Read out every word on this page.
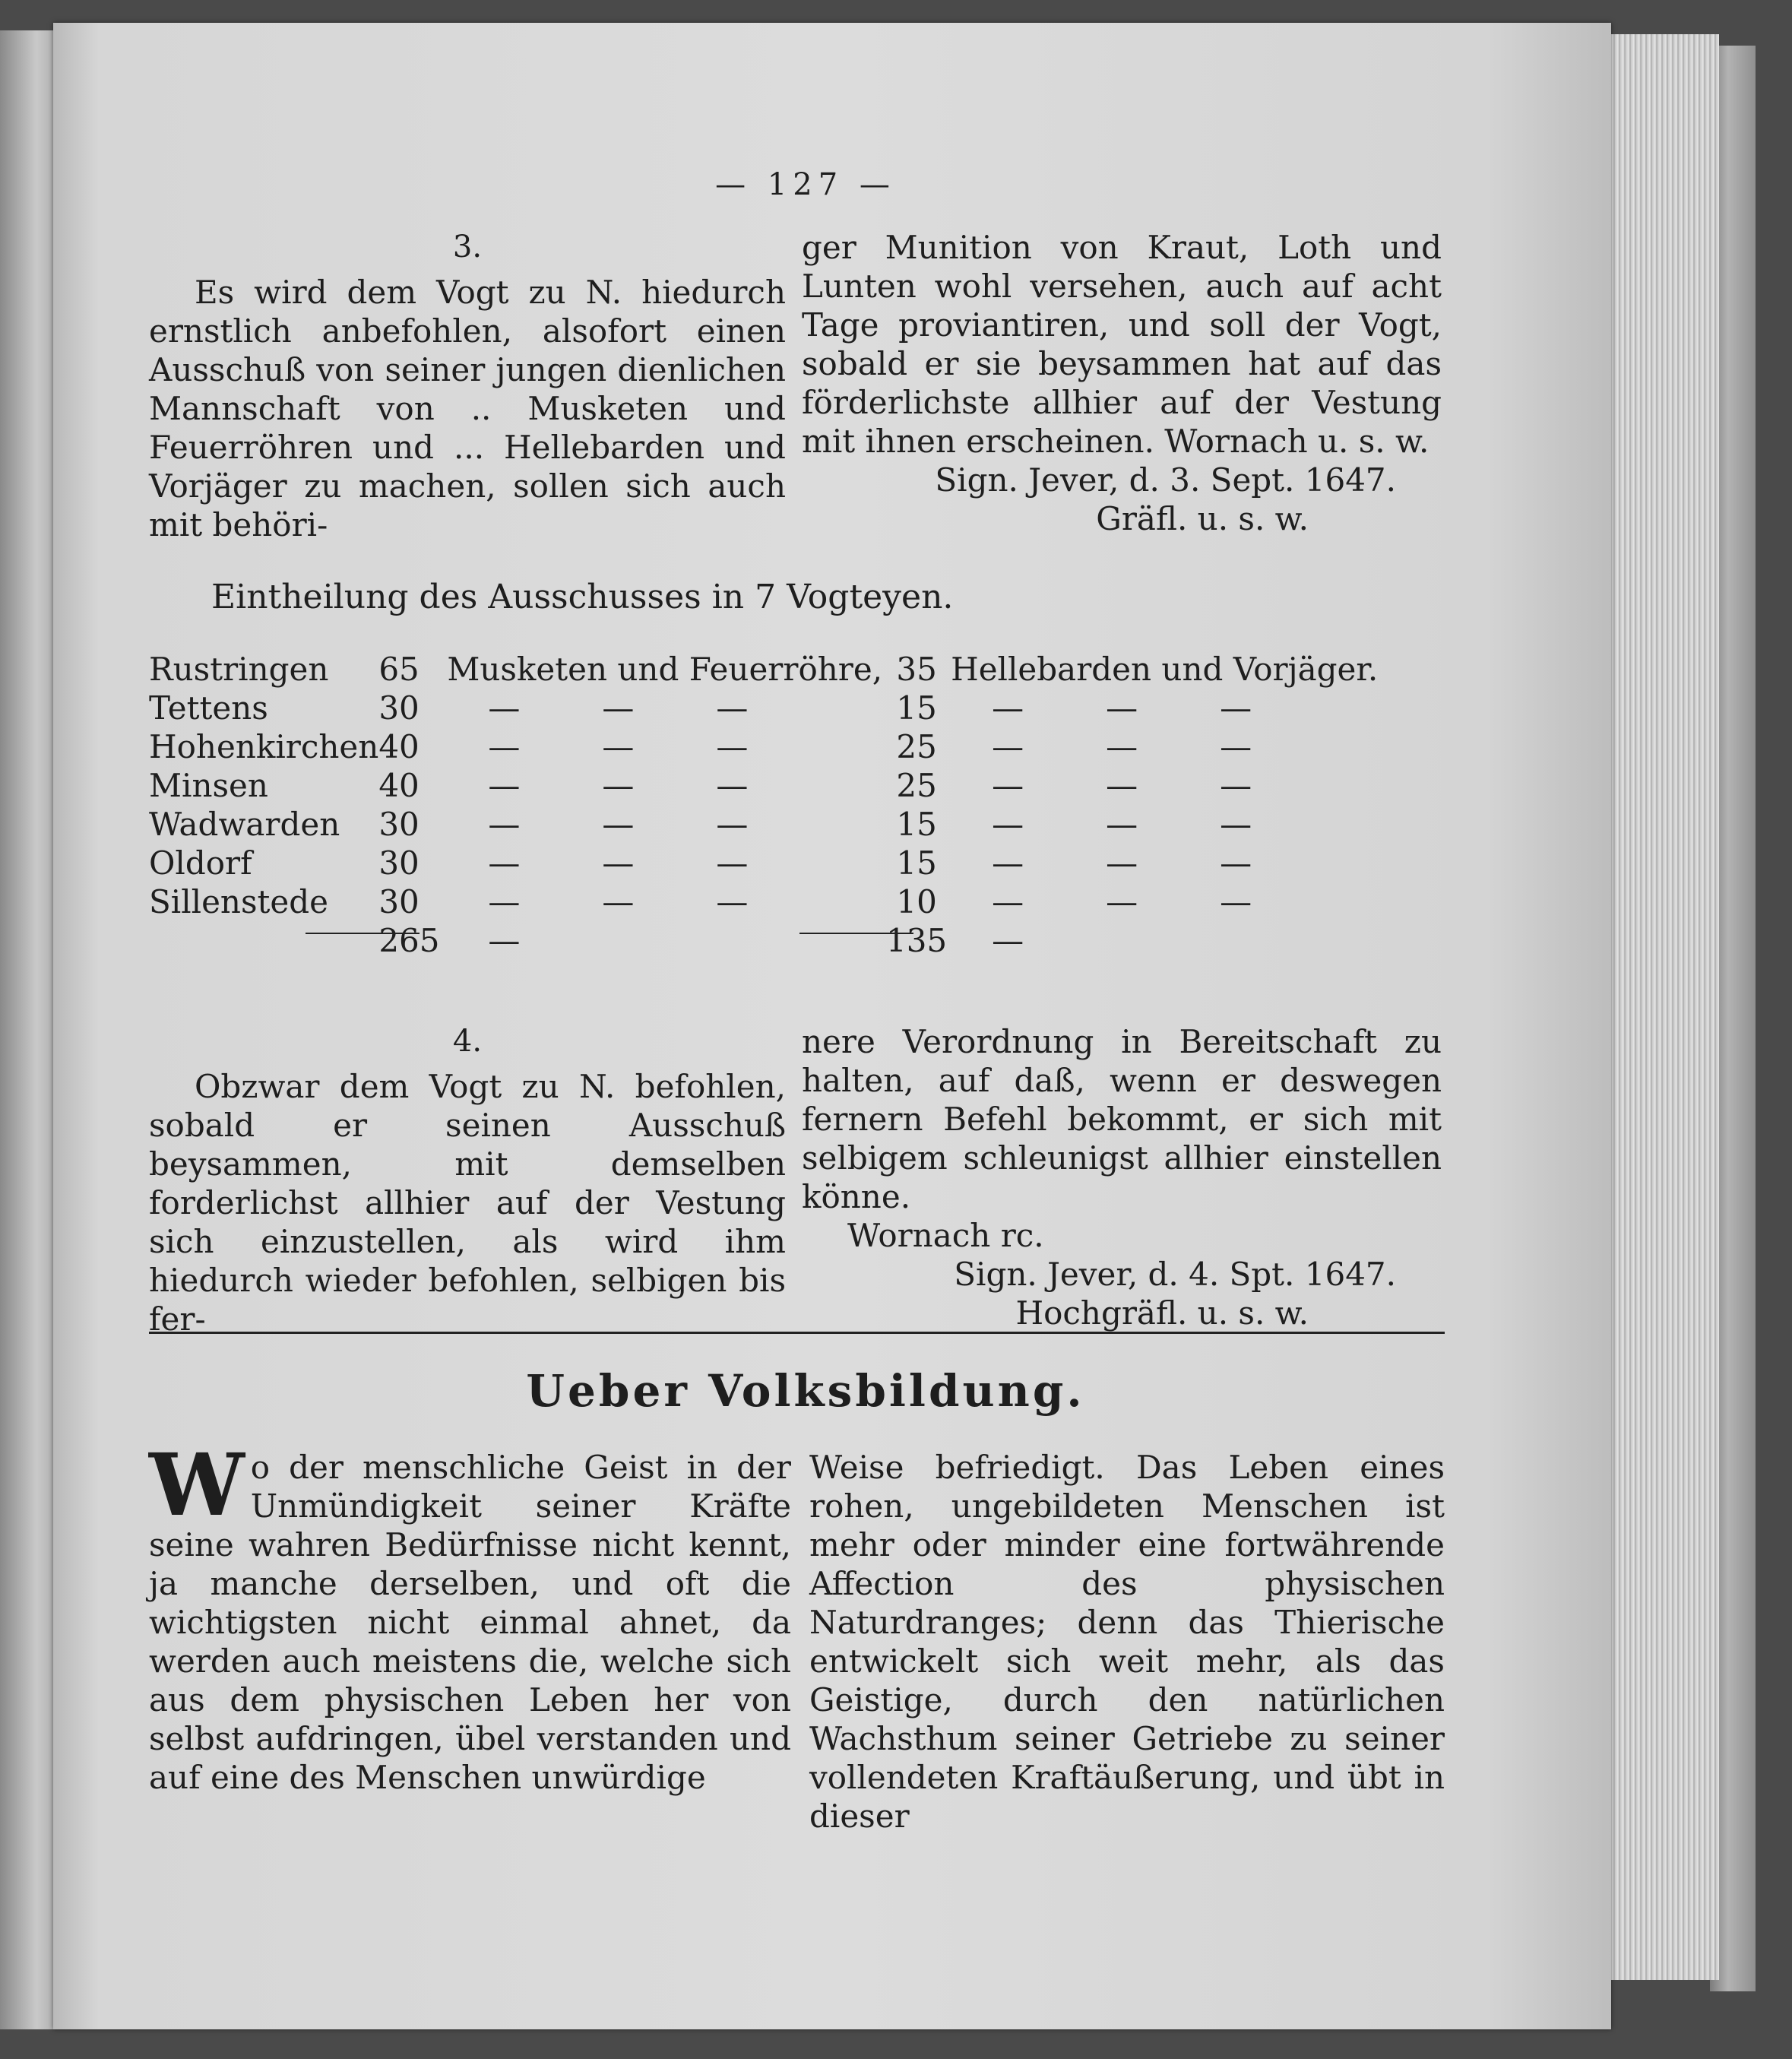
— 127 —
3.

Es wird dem Vogt zu N. hiedurch ernstlich anbefohlen, alsofort einen Ausschuß von seiner jungen dienlichen Mannschaft von .. Musketen und Feuerröhren und ... Hellebarden und Vorjäger zu machen, sollen sich auch mit behöri-

ger Munition von Kraut, Loth und Lunten wohl versehen, auch auf acht Tage proviantiren, und soll der Vogt, sobald er sie beysammen hat auf das förderlichste allhier auf der Vestung mit ihnen erscheinen. Wornach u. s. w.

Sign. Jever, d. 3. Sept. 1647.
Gräfl. u. s. w.
Eintheilung des Ausschusses in 7 Vogteyen.
Rustringen	65	Musketen und Feuerröhre,	35	Hellebarden und Vorjäger.
Tettens	30	— — —	15	— — —
Hohenkirchen	40	— — —	25	— — —
Minsen	40	— — —	25	— — —
Wadwarden	30	— — —	15	— — —
Oldorf	30	— — —	15	— — —
Sillenstede	30	— — —	10	— — —
	265	—	135	—
4.

Obzwar dem Vogt zu N. befohlen, sobald er seinen Ausschuß beysammen, mit demselben forderlichst allhier auf der Vestung sich einzustellen, als wird ihm hiedurch wieder befohlen, selbigen bis fer-

nere Verordnung in Bereitschaft zu halten, auf daß, wenn er deswegen fernern Befehl bekommt, er sich mit selbigem schleunigst allhier einstellen könne.

Wornach rc.
Sign. Jever, d. 4. Spt. 1647.
Hochgräfl. u. s. w.
Ueber Volksbildung.

Wo der menschliche Geist in der Unmündigkeit seiner Kräfte seine wahren Bedürfnisse nicht kennt, ja manche derselben, und oft die wichtigsten nicht einmal ahnet, da werden auch meistens die, welche sich aus dem physischen Leben her von selbst aufdringen, übel verstanden und auf eine des Menschen unwürdige

Weise befriedigt. Das Leben eines rohen, ungebildeten Menschen ist mehr oder minder eine fortwährende Affection des physischen Naturdranges; denn das Thierische entwickelt sich weit mehr, als das Geistige, durch den natürlichen Wachsthum seiner Getriebe zu seiner vollendeten Kraftäußerung, und übt in dieser
